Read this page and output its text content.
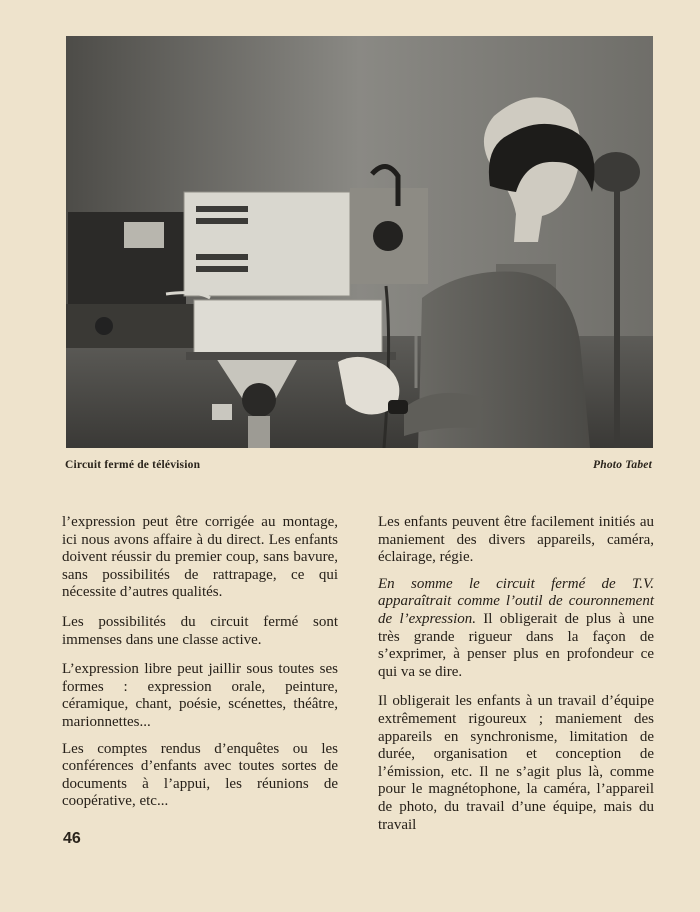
Circuit fermé de télévision	Photo Tabet

l’expression peut être corrigée au montage, ici nous avons affaire à du direct. Les enfants doivent réussir du premier coup, sans bavure, sans possibilités de rattrapage, ce qui nécessite d’autres qualités.

Les possibilités du circuit fermé sont immenses dans une classe active.

L’expression libre peut jaillir sous toutes ses formes : expression orale, peinture, céramique, chant, poésie, scénettes, théâtre, marionnettes...

Les comptes rendus d’enquêtes ou les conférences d’enfants avec toutes sortes de documents à l’appui, les réunions de coopérative, etc...

Les enfants peuvent être facilement initiés au maniement des divers appareils, caméra, éclairage, régie.

En somme le circuit fermé de T.V. apparaîtrait comme l’outil de couronnement de l’expression. Il obligerait de plus à une très grande rigueur dans la façon de s’exprimer, à penser plus en profondeur ce qui va se dire.

Il obligerait les enfants à un travail d’équipe extrêmement rigoureux ; maniement des appareils en synchronisme, limitation de durée, organisation et conception de l’émission, etc. Il ne s’agit plus là, comme pour le magnétophone, la caméra, l’appareil de photo, du travail d’une équipe, mais du travail

46
